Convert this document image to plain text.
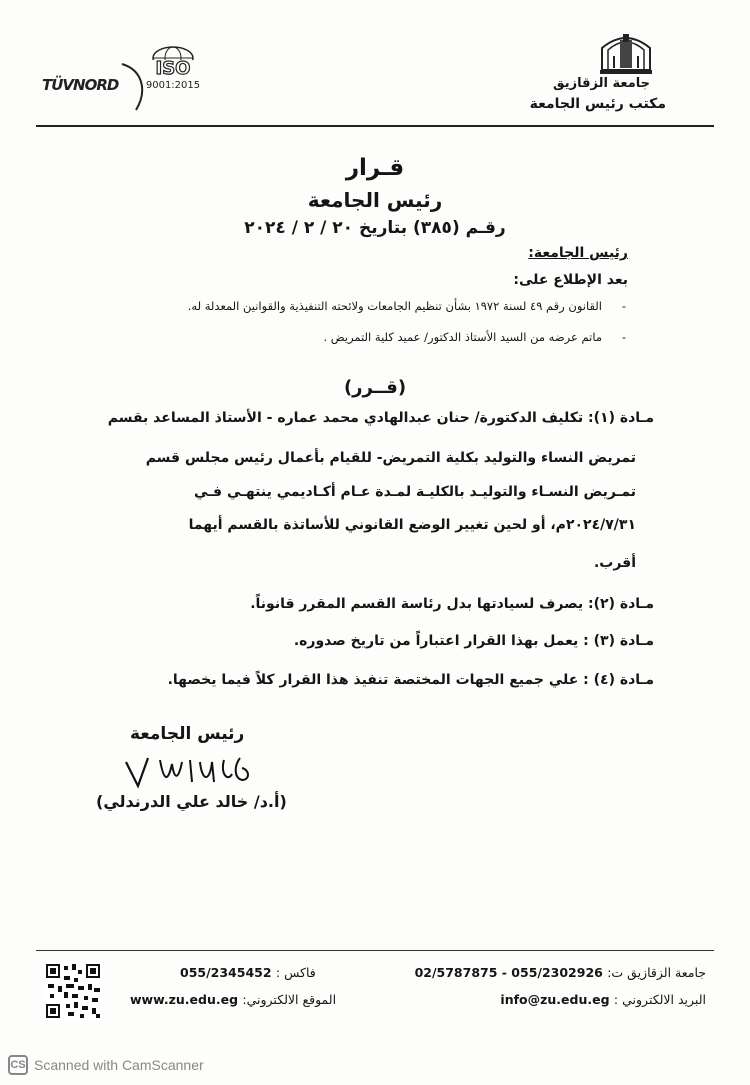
TÜVNORD
ISO
9001:2015	جامعة الزقازيق
مكتب رئيس الجامعة
قـرار
رئيس الجامعة
رقـم (٣٨٥) بتاريخ ٢٠ / ٢ / ٢٠٢٤
رئيس الجامعة:
بعد الإطلاع على:
-القانون رقم ٤٩ لسنة ١٩٧٢ بشأن تنظيم الجامعات ولائحته التنفيذية والقوانين المعدلة له.
-ماتم عرضه من السيد الأستاذ الدكتور/ عميد كلية التمريض .
(قــرر)
مـادة (١): تكليف الدكتورة/ حنان عبدالهادي محمد عماره - الأستاذ المساعد بقسم
تمريض النساء والتوليد بكلية التمريض- للقيام بأعمال رئيس مجلس قسم
تمـريض النسـاء والتوليـد بالكليـة لمـدة عـام أكـاديمي ينتهـي فـي
٢٠٢٤/٧/٣١م، أو لحين تغيير الوضع القانوني للأساتذة بالقسم أيهما
أقرب.
مـادة (٢): يصرف لسيادتها بدل رئاسة القسم المقرر قانوناً.
مـادة (٣) : يعمل بهذا القرار اعتباراً من تاريخ صدوره.
مـادة (٤) : علي جميع الجهات المختصة تنفيذ هذا القرار كلاً فيما يخصها.
رئيس الجامعة
(أ.د/ خالد علي الدرندلي)
جامعة الزقازيق ت: 02/5787875 - 055/2302926
البريد الالكتروني : info@zu.edu.eg
فاكس : 055/2345452
الموقع الالكتروني: www.zu.edu.eg
CS Scanned with CamScanner
